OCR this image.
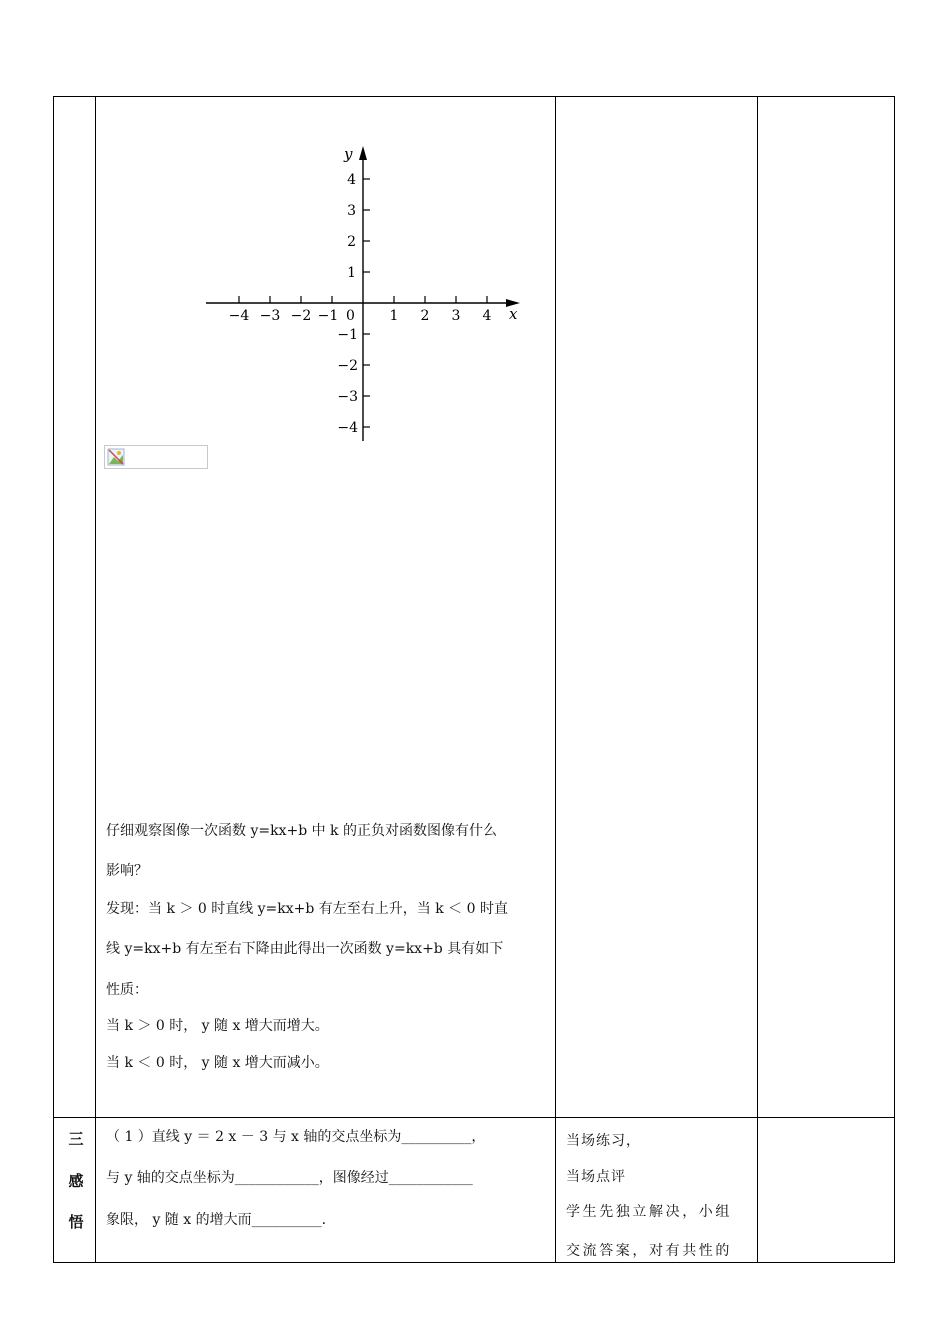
y
x
0
−4 −3 −2 −1	1 2 3 4
4
3
2
1
−1
−2
−3
−4
仔细观察图像一次函数 y=kx+b 中 k 的正负对函数图像有什么
影响？
发现：当 k ＞ 0 时直线 y=kx+b 有左至右上升，当 k ＜ 0 时直
线 y=kx+b 有左至右下降由此得出一次函数 y=kx+b 具有如下
性质：
当 k ＞ 0 时， y 随 x 增大而增大。
当 k ＜ 0 时， y 随 x 增大而减小。
三
感
悟
（ 1 ）直线 y ＝ 2 x － 3 与 x 轴的交点坐标为__________，
与 y 轴的交点坐标为____________，图像经过____________
象限， y 随 x 的增大而__________.
当场练习，
当场点评
学生先独立解决，小组
交流答案，对有共性的
